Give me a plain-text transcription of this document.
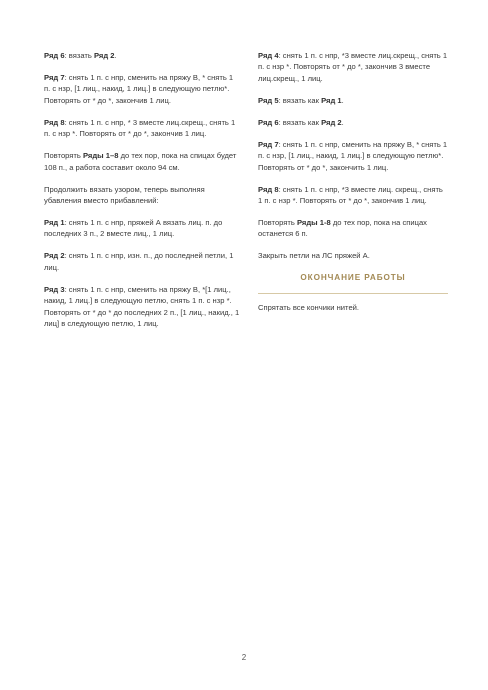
Ряд 6: вязать Ряд 2.

Ряд 7: снять 1 п. с нпр, сменить на пряжу B, * снять 1 п. с нзр, [1 лиц., накид, 1 лиц.] в следующую петлю*. Повторять от * до *, закончив 1 лиц.

Ряд 8: снять 1 п. с нпр, * 3 вместе лиц.скрещ., снять 1 п. с нзр *. Повторять от * до *, закончив 1 лиц.

Повторять Ряды 1–8 до тех пор, пока на спицах будет 108 п., а работа составит около 94 см.

Продолжить вязать узором, теперь выполняя убавления вместо прибавлений:

Ряд 1: снять 1 п. с нпр, пряжей А вязать лиц. п. до последних 3 п., 2 вместе лиц., 1 лиц.

Ряд 2: снять 1 п. с нпр, изн. п., до последней петли, 1 лиц.

Ряд 3: снять 1 п. с нпр, сменить на пряжу B, *[1 лиц., накид, 1 лиц.] в следующую петлю, снять 1 п. с нзр *. Повторять от * до * до последних 2 п., [1 лиц., накид., 1 лиц] в следующую петлю, 1 лиц.

Ряд 4: снять 1 п. с нпр, *3 вместе лиц.скрещ., снять 1 п. с нзр *. Повторять от * до *, закончив 3 вместе лиц.скрещ., 1 лиц.

Ряд 5: вязать как Ряд 1.

Ряд 6: вязать как Ряд 2.

Ряд 7: снять 1 п. с нпр, сменить на пряжу B, * снять 1 п. с нзр, [1 лиц., накид, 1 лиц.] в следующую петлю*. Повторять от * до *, закончить 1 лиц.

Ряд 8: снять 1 п. с нпр, *3 вместе лиц. скрещ., снять 1 п. с нзр *. Повторять от * до *, закончив 1 лиц.

Повторять Ряды 1-8 до тех пор, пока на спицах останется 6 п.

Закрыть петли на ЛС пряжей А.

ОКОНЧАНИЕ РАБОТЫ

Спрятать все кончики нитей.

2
